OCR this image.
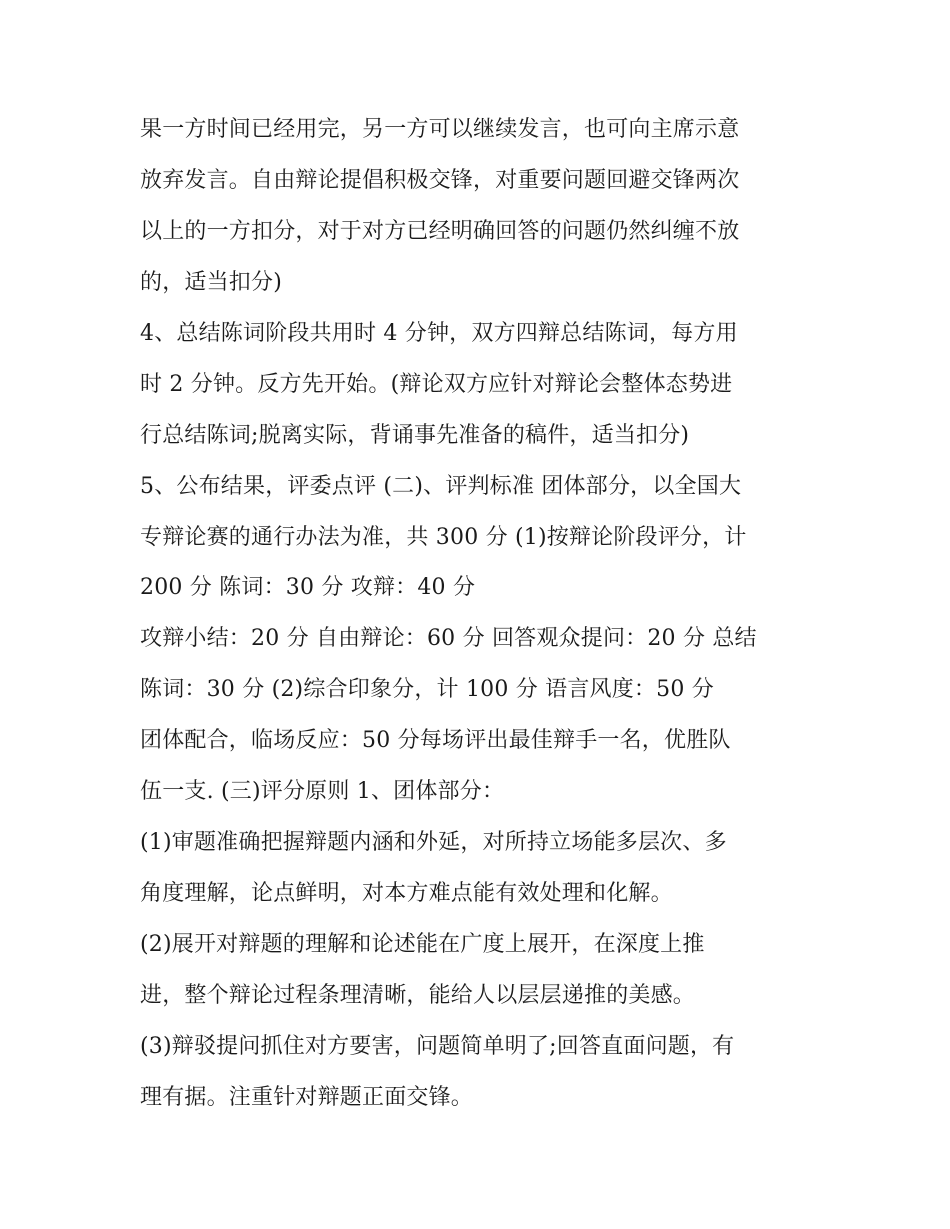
果一方时间已经用完，另一方可以继续发言，也可向主席示意
放弃发言。自由辩论提倡积极交锋，对重要问题回避交锋两次
以上的一方扣分，对于对方已经明确回答的问题仍然纠缠不放
的，适当扣分)
4、总结陈词阶段共用时 4 分钟，双方四辩总结陈词，每方用
时 2 分钟。反方先开始。(辩论双方应针对辩论会整体态势进
行总结陈词;脱离实际，背诵事先准备的稿件，适当扣分)
5、公布结果，评委点评 (二)、评判标准 团体部分，以全国大
专辩论赛的通行办法为准，共 300 分 (1)按辩论阶段评分，计
200 分 陈词：30 分 攻辩：40 分
攻辩小结：20 分 自由辩论：60 分 回答观众提问：20 分 总结
陈词：30 分 (2)综合印象分，计 100 分 语言风度：50 分
团体配合，临场反应：50 分每场评出最佳辩手一名，优胜队
伍一支. (三)评分原则 1、团体部分：
(1)审题准确把握辩题内涵和外延，对所持立场能多层次、多
角度理解，论点鲜明，对本方难点能有效处理和化解。
(2)展开对辩题的理解和论述能在广度上展开，在深度上推
进，整个辩论过程条理清晰，能给人以层层递推的美感。
(3)辩驳提问抓住对方要害，问题简单明了;回答直面问题，有
理有据。注重针对辩题正面交锋。
